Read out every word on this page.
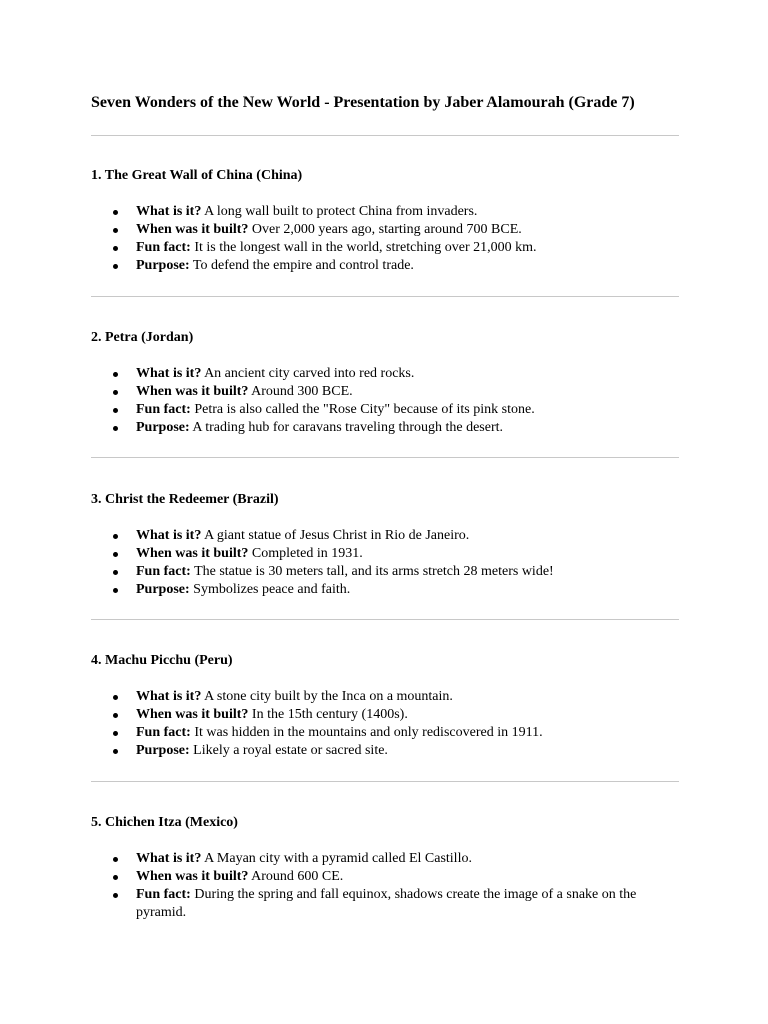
Seven Wonders of the New World - Presentation by Jaber Alamourah (Grade 7)
1. The Great Wall of China (China)
What is it? A long wall built to protect China from invaders.
When was it built? Over 2,000 years ago, starting around 700 BCE.
Fun fact: It is the longest wall in the world, stretching over 21,000 km.
Purpose: To defend the empire and control trade.
2. Petra (Jordan)
What is it? An ancient city carved into red rocks.
When was it built? Around 300 BCE.
Fun fact: Petra is also called the "Rose City" because of its pink stone.
Purpose: A trading hub for caravans traveling through the desert.
3. Christ the Redeemer (Brazil)
What is it? A giant statue of Jesus Christ in Rio de Janeiro.
When was it built? Completed in 1931.
Fun fact: The statue is 30 meters tall, and its arms stretch 28 meters wide!
Purpose: Symbolizes peace and faith.
4. Machu Picchu (Peru)
What is it? A stone city built by the Inca on a mountain.
When was it built? In the 15th century (1400s).
Fun fact: It was hidden in the mountains and only rediscovered in 1911.
Purpose: Likely a royal estate or sacred site.
5. Chichen Itza (Mexico)
What is it? A Mayan city with a pyramid called El Castillo.
When was it built? Around 600 CE.
Fun fact: During the spring and fall equinox, shadows create the image of a snake on the pyramid.
